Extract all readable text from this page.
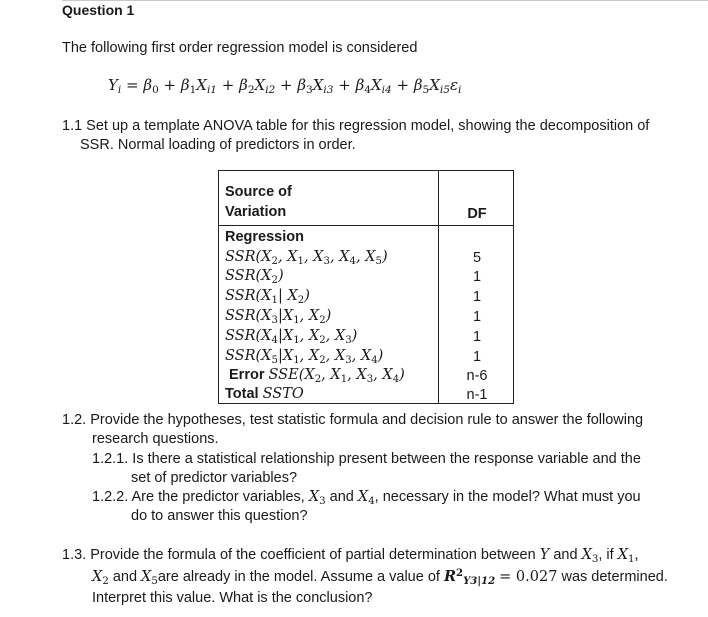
Question 1
The following first order regression model is considered
$Y_i = \beta_0 + \beta_1X_{i1} + \beta_2X_{i2} + \beta_3X_{i3} + \beta_4X_{i4} + \beta_5X_{i5}\varepsilon_i$
1.1 Set up a template ANOVA table for this regression model, showing the decomposition of
SSR. Normal loading of predictors in order.
Source of
Variation	DF
Regression
$SSR(X_2$, $X_1$, $X_3$, $X_4$, $X_5$)
$SSR(X_2)$
$SSR(X_1|$ $X_2$)
$SSR(X_3|X_1$, $X_2$)
$SSR(X_4|X_1$, $X_2$, $X_3$)
$SSR(X_5|X_1$, $X_2$, $X_3$, $X_4$)
Error $SSE(X_2$, $X_1$, $X_3$, $X_4$)
Total SSTO
5
1
1
1
1
1
n-6
n-1
1.2. Provide the hypotheses, test statistic formula and decision rule to answer the following
research questions.
1.2.1. Is there a statistical relationship present between the response variable and the
set of predictor variables?
1.2.2. Are the predictor variables, $X_3$ and $X_4$, necessary in the model? What must you
do to answer this question?
1.3. Provide the formula of the coefficient of partial determination between Y and $X_3$, if $X_1$,
$X_2$ and $X_5are$ already in the model. Assume a value of $R^2_{Y3|12} = 0.027$ was determined.
Interpret this value. What is the conclusion?
